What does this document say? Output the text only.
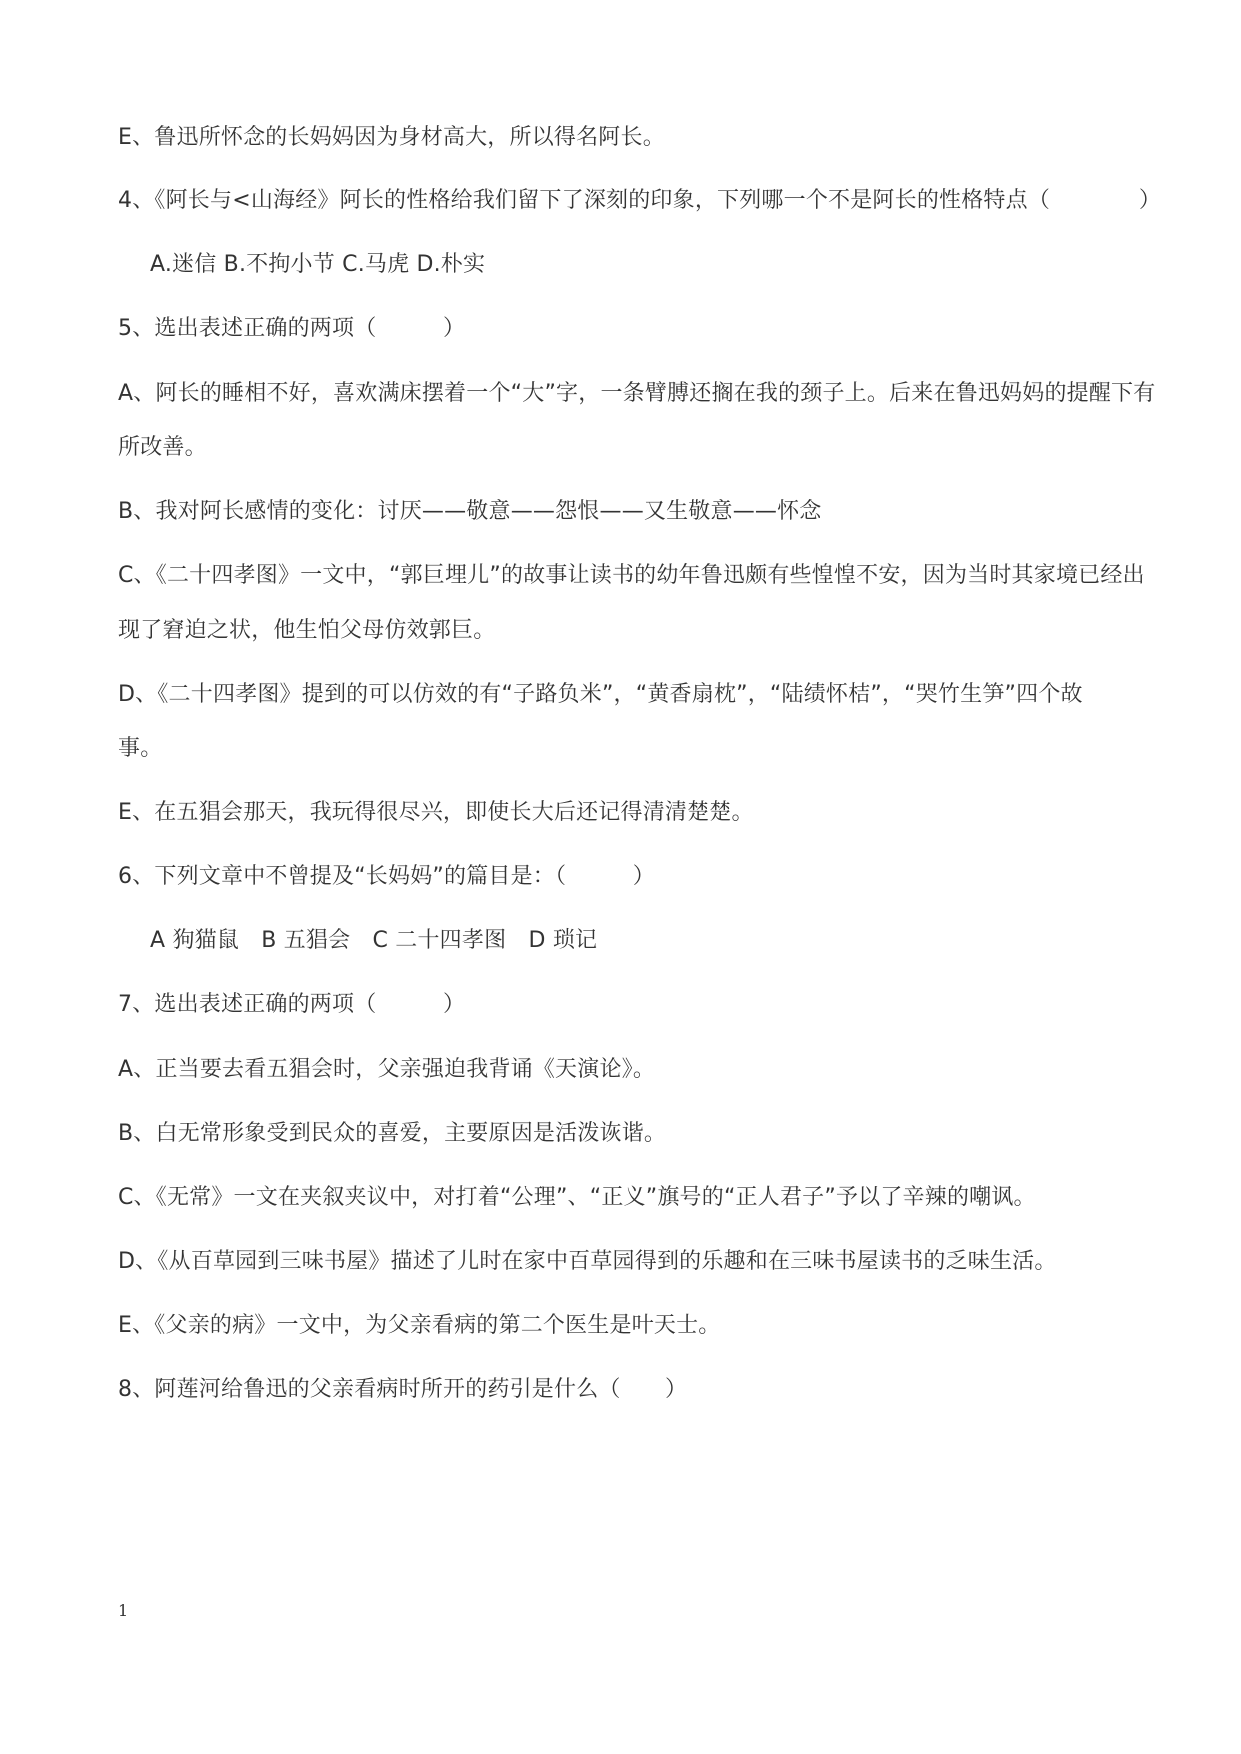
E、鲁迅所怀念的长妈妈因为身材高大，所以得名阿长。
4、《阿长与<山海经》阿长的性格给我们留下了深刻的印象，下列哪一个不是阿长的性格特点（　　　　）
A.迷信 B.不拘小节 C.马虎 D.朴实
5、选出表述正确的两项（　　　）
A、阿长的睡相不好，喜欢满床摆着一个“大”字，一条臂膊还搁在我的颈子上。后来在鲁迅妈妈的提醒下有
所改善。
B、我对阿长感情的变化：讨厌——敬意——怨恨——又生敬意——怀念
C、《二十四孝图》一文中，“郭巨埋儿”的故事让读书的幼年鲁迅颇有些惶惶不安，因为当时其家境已经出
现了窘迫之状，他生怕父母仿效郭巨。
D、《二十四孝图》提到的可以仿效的有“子路负米”，“黄香扇枕”，“陆绩怀桔”，“哭竹生笋”四个故
事。
E、在五猖会那天，我玩得很尽兴，即使长大后还记得清清楚楚。
6、下列文章中不曾提及“长妈妈”的篇目是：（　　　）
A 狗猫鼠　B 五猖会　C 二十四孝图　D 琐记
7、选出表述正确的两项（　　　）
A、正当要去看五猖会时，父亲强迫我背诵《天演论》。
B、白无常形象受到民众的喜爱，主要原因是活泼诙谐。
C、《无常》一文在夹叙夹议中，对打着“公理”、“正义”旗号的“正人君子”予以了辛辣的嘲讽。
D、《从百草园到三味书屋》描述了儿时在家中百草园得到的乐趣和在三味书屋读书的乏味生活。
E、《父亲的病》一文中，为父亲看病的第二个医生是叶天士。
8、阿莲河给鲁迅的父亲看病时所开的药引是什么（　　）
1
